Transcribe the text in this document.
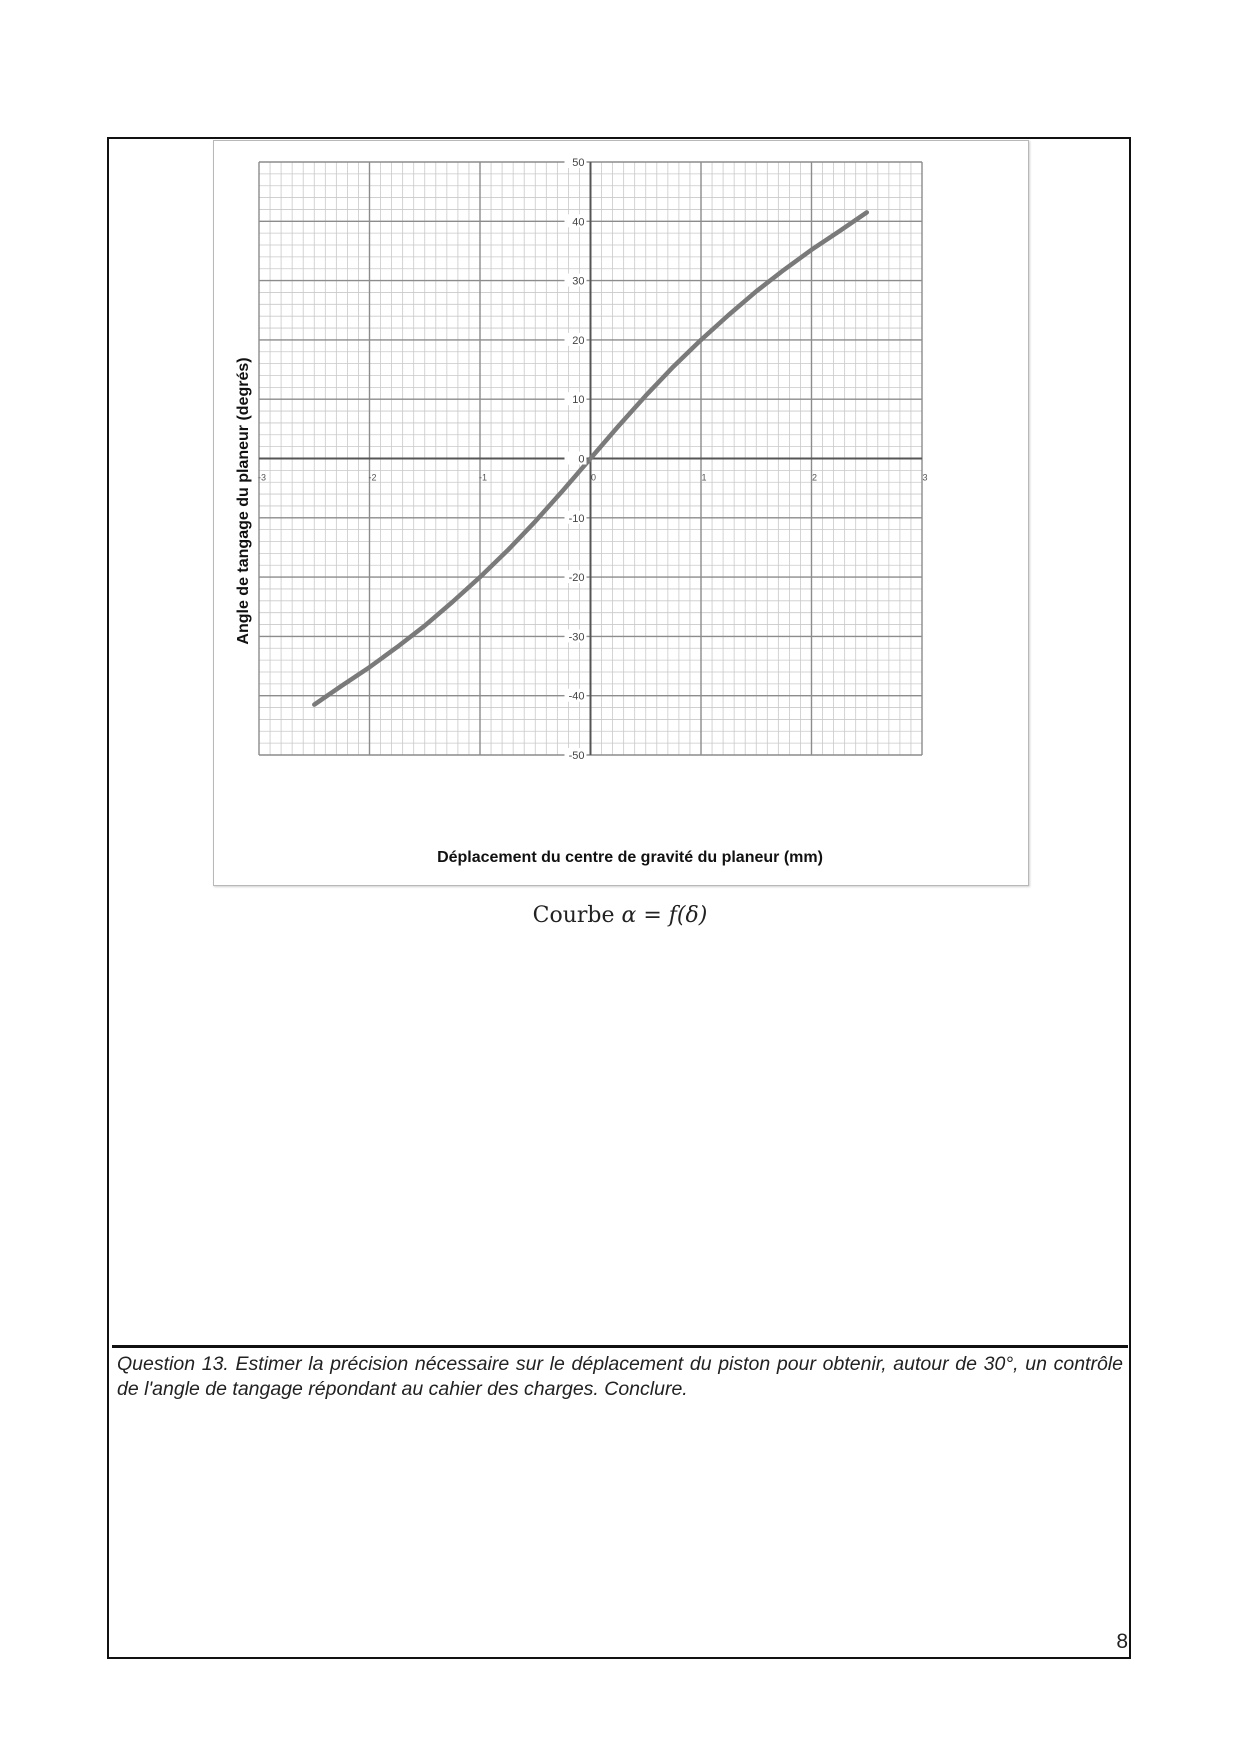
-3	-2	-1	0	1	2	3
50
40
30
20
10
0
-10
-20
-30
-40
-50
Déplacement du centre de gravité du planeur (mm)
Angle de tangage du planeur (degrés)
Courbe α = f(δ)
Question 13. Estimer la précision nécessaire sur le déplacement du piston pour obtenir, autour de 30°, un contrôle de l'angle de tangage répondant au cahier des charges. Conclure.
8
